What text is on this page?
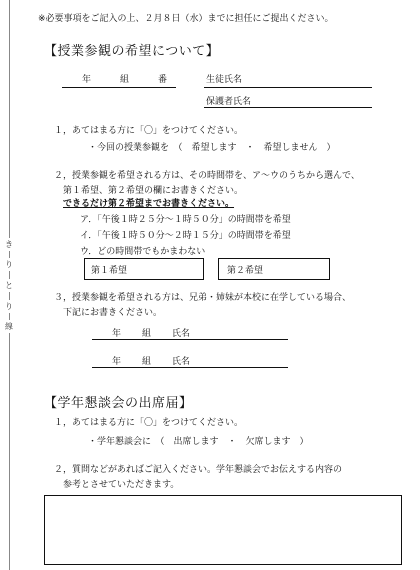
き
り
と
り
線
※必要事項をご記入の上、２月８日（水）までに担任にご提出ください。
【授業参観の希望について】
年	組	番	生徒氏名
保護者氏名
１，あてはまる方に「〇」をつけてください。
・今回の授業参観を　（　希望します　・　希望しません　）
２，授業参観を希望される方は、その時間帯を、ア～ウのうちから選んで、
第１希望、第２希望の欄にお書きください。
できるだけ第２希望までお書きください。
ア．「午後１時２５分～１時５０分」の時間帯を希望
イ．「午後１時５０分～２時１５分」の時間帯を希望
ウ．どの時間帯でもかまわない
第１希望	第２希望
３，授業参観を希望される方は、兄弟・姉妹が本校に在学している場合、
下記にお書きください。
年 組 氏名
年 組 氏名
【学年懇談会の出席届】
１，あてはまる方に「〇」をつけてください。
・学年懇談会に　（　出席します　・　欠席します　）
２，質問などがあればご記入ください。学年懇談会でお伝えする内容の
参考とさせていただきます。
